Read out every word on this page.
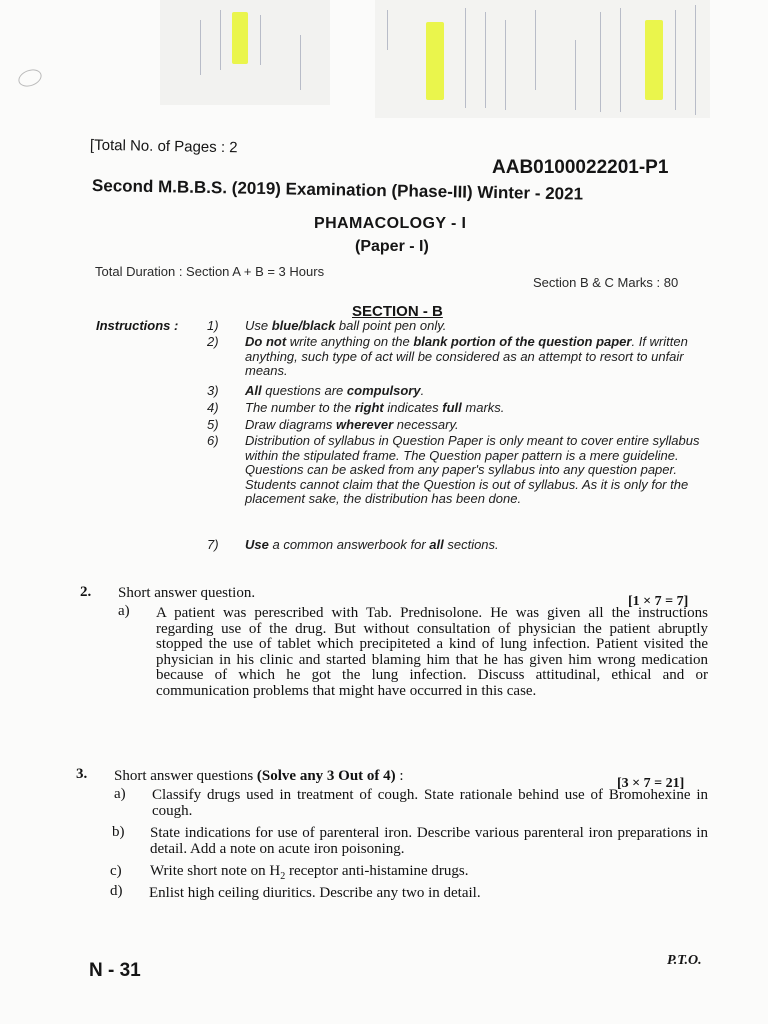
[Total No. of Pages : 2
AAB0100022201-P1
Second M.B.B.S. (2019) Examination (Phase-III) Winter - 2021
PHAMACOLOGY - I
(Paper - I)
Total Duration : Section A + B = 3 Hours
Section B & C Marks : 80
SECTION - B
Instructions : 1) Use blue/black ball point pen only.
2) Do not write anything on the blank portion of the question paper. If written anything, such type of act will be considered as an attempt to resort to unfair means.
3) All questions are compulsory.
4) The number to the right indicates full marks.
5) Draw diagrams wherever necessary.
6) Distribution of syllabus in Question Paper is only meant to cover entire syllabus within the stipulated frame. The Question paper pattern is a mere guideline. Questions can be asked from any paper's syllabus into any question paper. Students cannot claim that the Question is out of syllabus. As it is only for the placement sake, the distribution has been done.
7) Use a common answerbook for all sections.
2. Short answer question.
[1 × 7 = 7]
a) A patient was perescribed with Tab. Prednisolone. He was given all the instructions regarding use of the drug. But without consultation of physician the patient abruptly stopped the use of tablet which precipiteted a kind of lung infection. Patient visited the physician in his clinic and started blaming him that he has given him wrong medication because of which he got the lung infection. Discuss attitudinal, ethical and or communication problems that might have occurred in this case.
3. Short answer questions (Solve any 3 Out of 4) :	[3 × 7 = 21]
a) Classify drugs used in treatment of cough. State rationale behind use of Bromohexine in cough.
b) State indications for use of parenteral iron. Describe various parenteral iron preparations in detail. Add a note on acute iron poisoning.
c) Write short note on $H_2$ receptor anti-histamine drugs.
d) Enlist high ceiling diuritics. Describe any two in detail.
N - 31	P.T.O.
